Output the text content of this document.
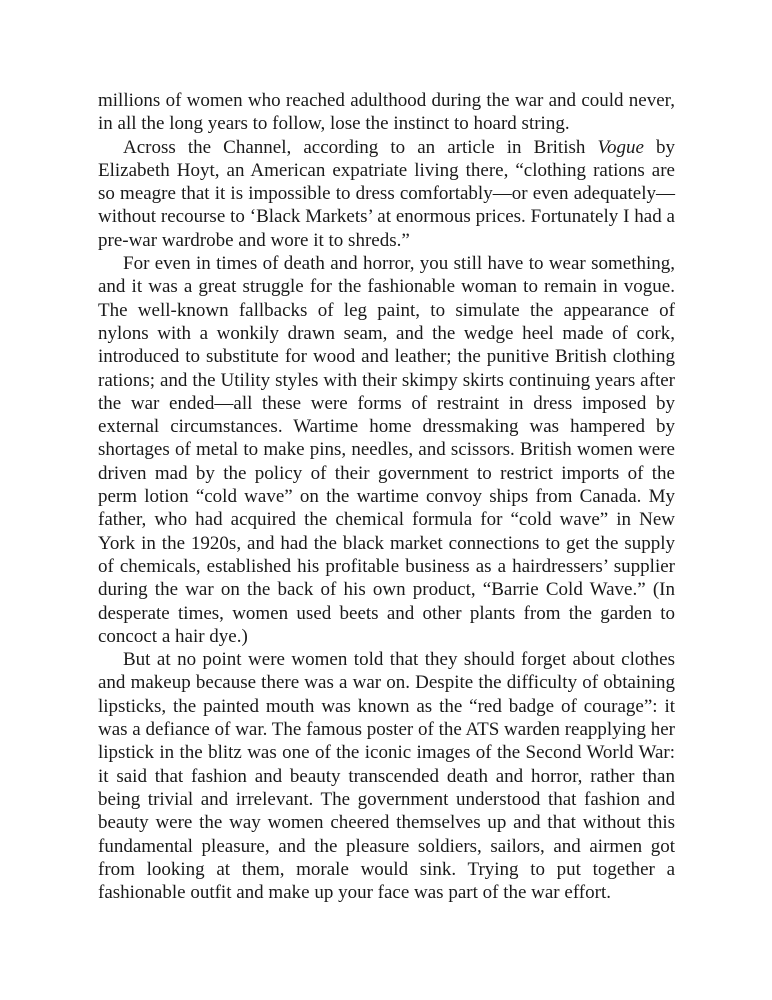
millions of women who reached adulthood during the war and could never, in all the long years to follow, lose the instinct to hoard string.

Across the Channel, according to an article in British Vogue by Elizabeth Hoyt, an American expatriate living there, “clothing rations are so meagre that it is impossible to dress comfortably—or even adequately—without recourse to ‘Black Markets’ at enormous prices. Fortunately I had a pre-war wardrobe and wore it to shreds.”

For even in times of death and horror, you still have to wear something, and it was a great struggle for the fashionable woman to remain in vogue. The well-known fallbacks of leg paint, to simulate the appearance of nylons with a wonkily drawn seam, and the wedge heel made of cork, introduced to substitute for wood and leather; the punitive British clothing rations; and the Utility styles with their skimpy skirts continuing years after the war ended—all these were forms of restraint in dress imposed by external circumstances. Wartime home dressmaking was hampered by shortages of metal to make pins, needles, and scissors. British women were driven mad by the policy of their government to restrict imports of the perm lotion “cold wave” on the wartime convoy ships from Canada. My father, who had acquired the chemical formula for “cold wave” in New York in the 1920s, and had the black market connections to get the supply of chemicals, established his profitable business as a hairdressers’ supplier during the war on the back of his own product, “Barrie Cold Wave.” (In desperate times, women used beets and other plants from the garden to concoct a hair dye.)

But at no point were women told that they should forget about clothes and makeup because there was a war on. Despite the difficulty of obtaining lipsticks, the painted mouth was known as the “red badge of courage”: it was a defiance of war. The famous poster of the ATS warden reapplying her lipstick in the blitz was one of the iconic images of the Second World War: it said that fashion and beauty transcended death and horror, rather than being trivial and irrelevant. The government understood that fashion and beauty were the way women cheered themselves up and that without this fundamental pleasure, and the pleasure soldiers, sailors, and airmen got from looking at them, morale would sink. Trying to put together a fashionable outfit and make up your face was part of the war effort.
